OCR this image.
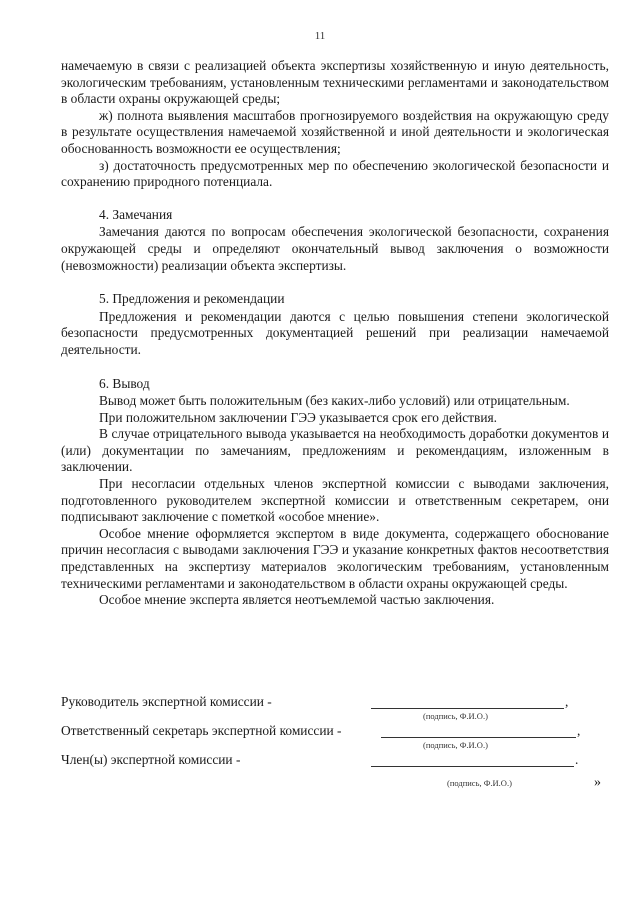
11

намечаемую в связи с реализацией объекта экспертизы хозяйственную и иную деятельность, экологическим требованиям, установленным техническими регламентами и законодательством в области охраны окружающей среды;

ж) полнота выявления масштабов прогнозируемого воздействия на окружающую среду в результате осуществления намечаемой хозяйственной и иной деятельности и экологическая обоснованность возможности ее осуществления;

з) достаточность предусмотренных мер по обеспечению экологической безопасности и сохранению природного потенциала.

4. Замечания

Замечания даются по вопросам обеспечения экологической безопасности, сохранения окружающей среды и определяют окончательный вывод заключения о возможности (невозможности) реализации объекта экспертизы.

5. Предложения и рекомендации

Предложения и рекомендации даются с целью повышения степени экологической безопасности предусмотренных документацией решений при реализации намечаемой деятельности.

6. Вывод

Вывод может быть положительным (без каких-либо условий) или отрицательным.

При положительном заключении ГЭЭ указывается срок его действия.

В случае отрицательного вывода указывается на необходимость доработки документов и (или) документации по замечаниям, предложениям и рекомендациям, изложенным в заключении.

При несогласии отдельных членов экспертной комиссии с выводами заключения, подготовленного руководителем экспертной комиссии и ответственным секретарем, они подписывают заключение с пометкой «особое мнение».

Особое мнение оформляется экспертом в виде документа, содержащего обоснование причин несогласия с выводами заключения ГЭЭ и указание конкретных фактов несоответствия представленных на экспертизу материалов экологическим требованиям, установленным техническими регламентами и законодательством в области охраны окружающей среды.

Особое мнение эксперта является неотъемлемой частью заключения.

Руководитель экспертной комиссии -	,
(подпись, Ф.И.О.)
Ответственный секретарь экспертной комиссии -	,
(подпись, Ф.И.О.)
Член(ы) экспертной комиссии -	.
(подпись, Ф.И.О.)	»
